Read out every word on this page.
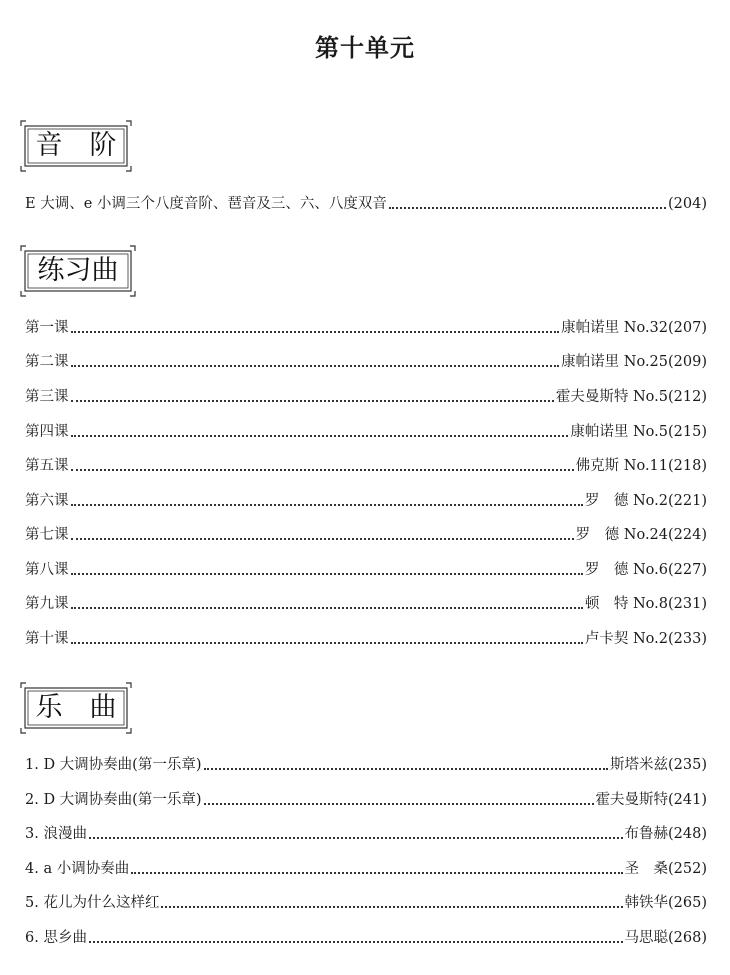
第十单元
音　阶
E 大调、e 小调三个八度音阶、琶音及三、六、八度双音	(204)
练习曲
第一课	康帕诺里 No.32(207)
第二课	康帕诺里 No.25(209)
第三课	霍夫曼斯特 No.5(212)
第四课	康帕诺里 No.5(215)
第五课	佛克斯 No.11(218)
第六课	罗　德 No.2(221)
第七课	罗　德 No.24(224)
第八课	罗　德 No.6(227)
第九课	顿　特 No.8(231)
第十课	卢卡契 No.2(233)
乐　曲
1. D 大调协奏曲(第一乐章)	斯塔米兹(235)
2. D 大调协奏曲(第一乐章)	霍夫曼斯特(241)
3. 浪漫曲	布鲁赫(248)
4. a 小调协奏曲	圣　桑(252)
5. 花儿为什么这样红	韩铁华(265)
6. 思乡曲	马思聪(268)
